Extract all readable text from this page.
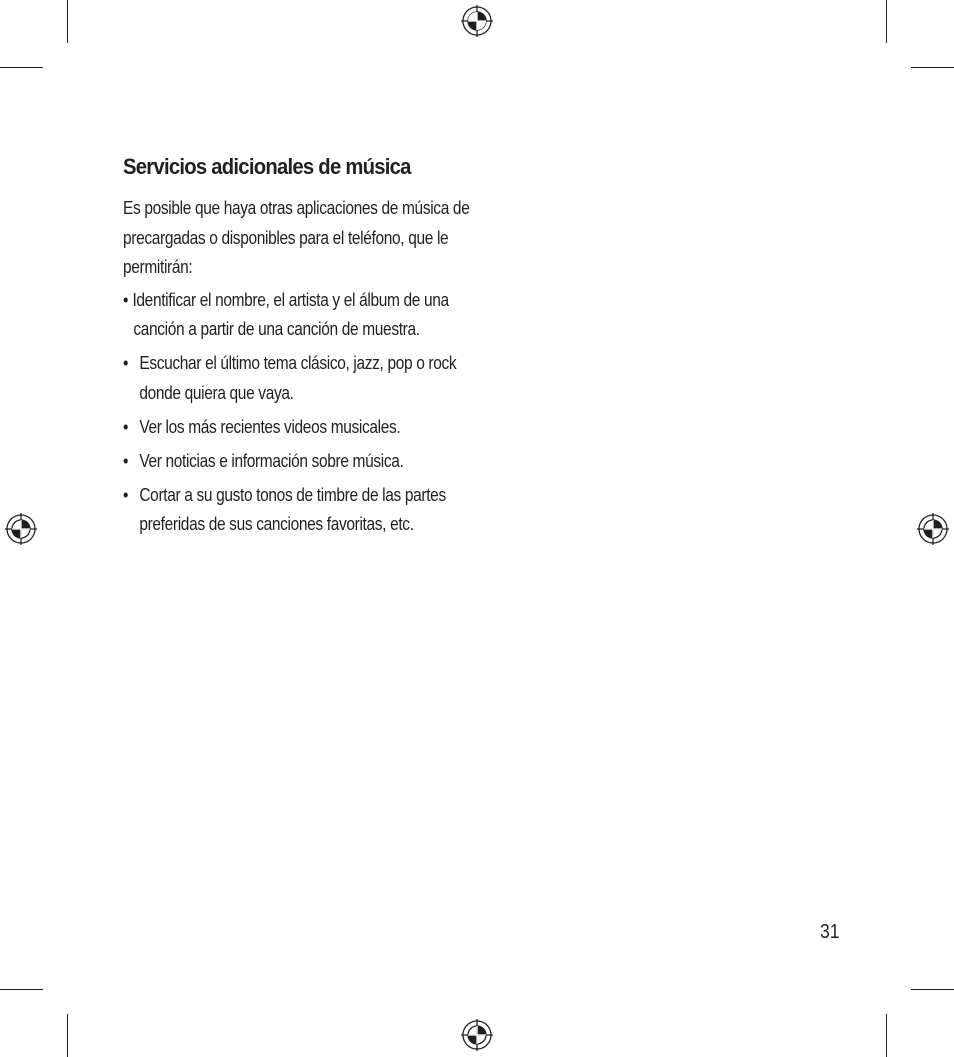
Servicios adicionales de música

Es posible que haya otras aplicaciones de música de precargadas o disponibles para el teléfono, que le permitirán:

• Identificar el nombre, el artista y el álbum de una canción a partir de una canción de muestra.
• Escuchar el último tema clásico, jazz, pop o rock donde quiera que vaya.
• Ver los más recientes videos musicales.
• Ver noticias e información sobre música.
• Cortar a su gusto tonos de timbre de las partes preferidas de sus canciones favoritas, etc.
31
